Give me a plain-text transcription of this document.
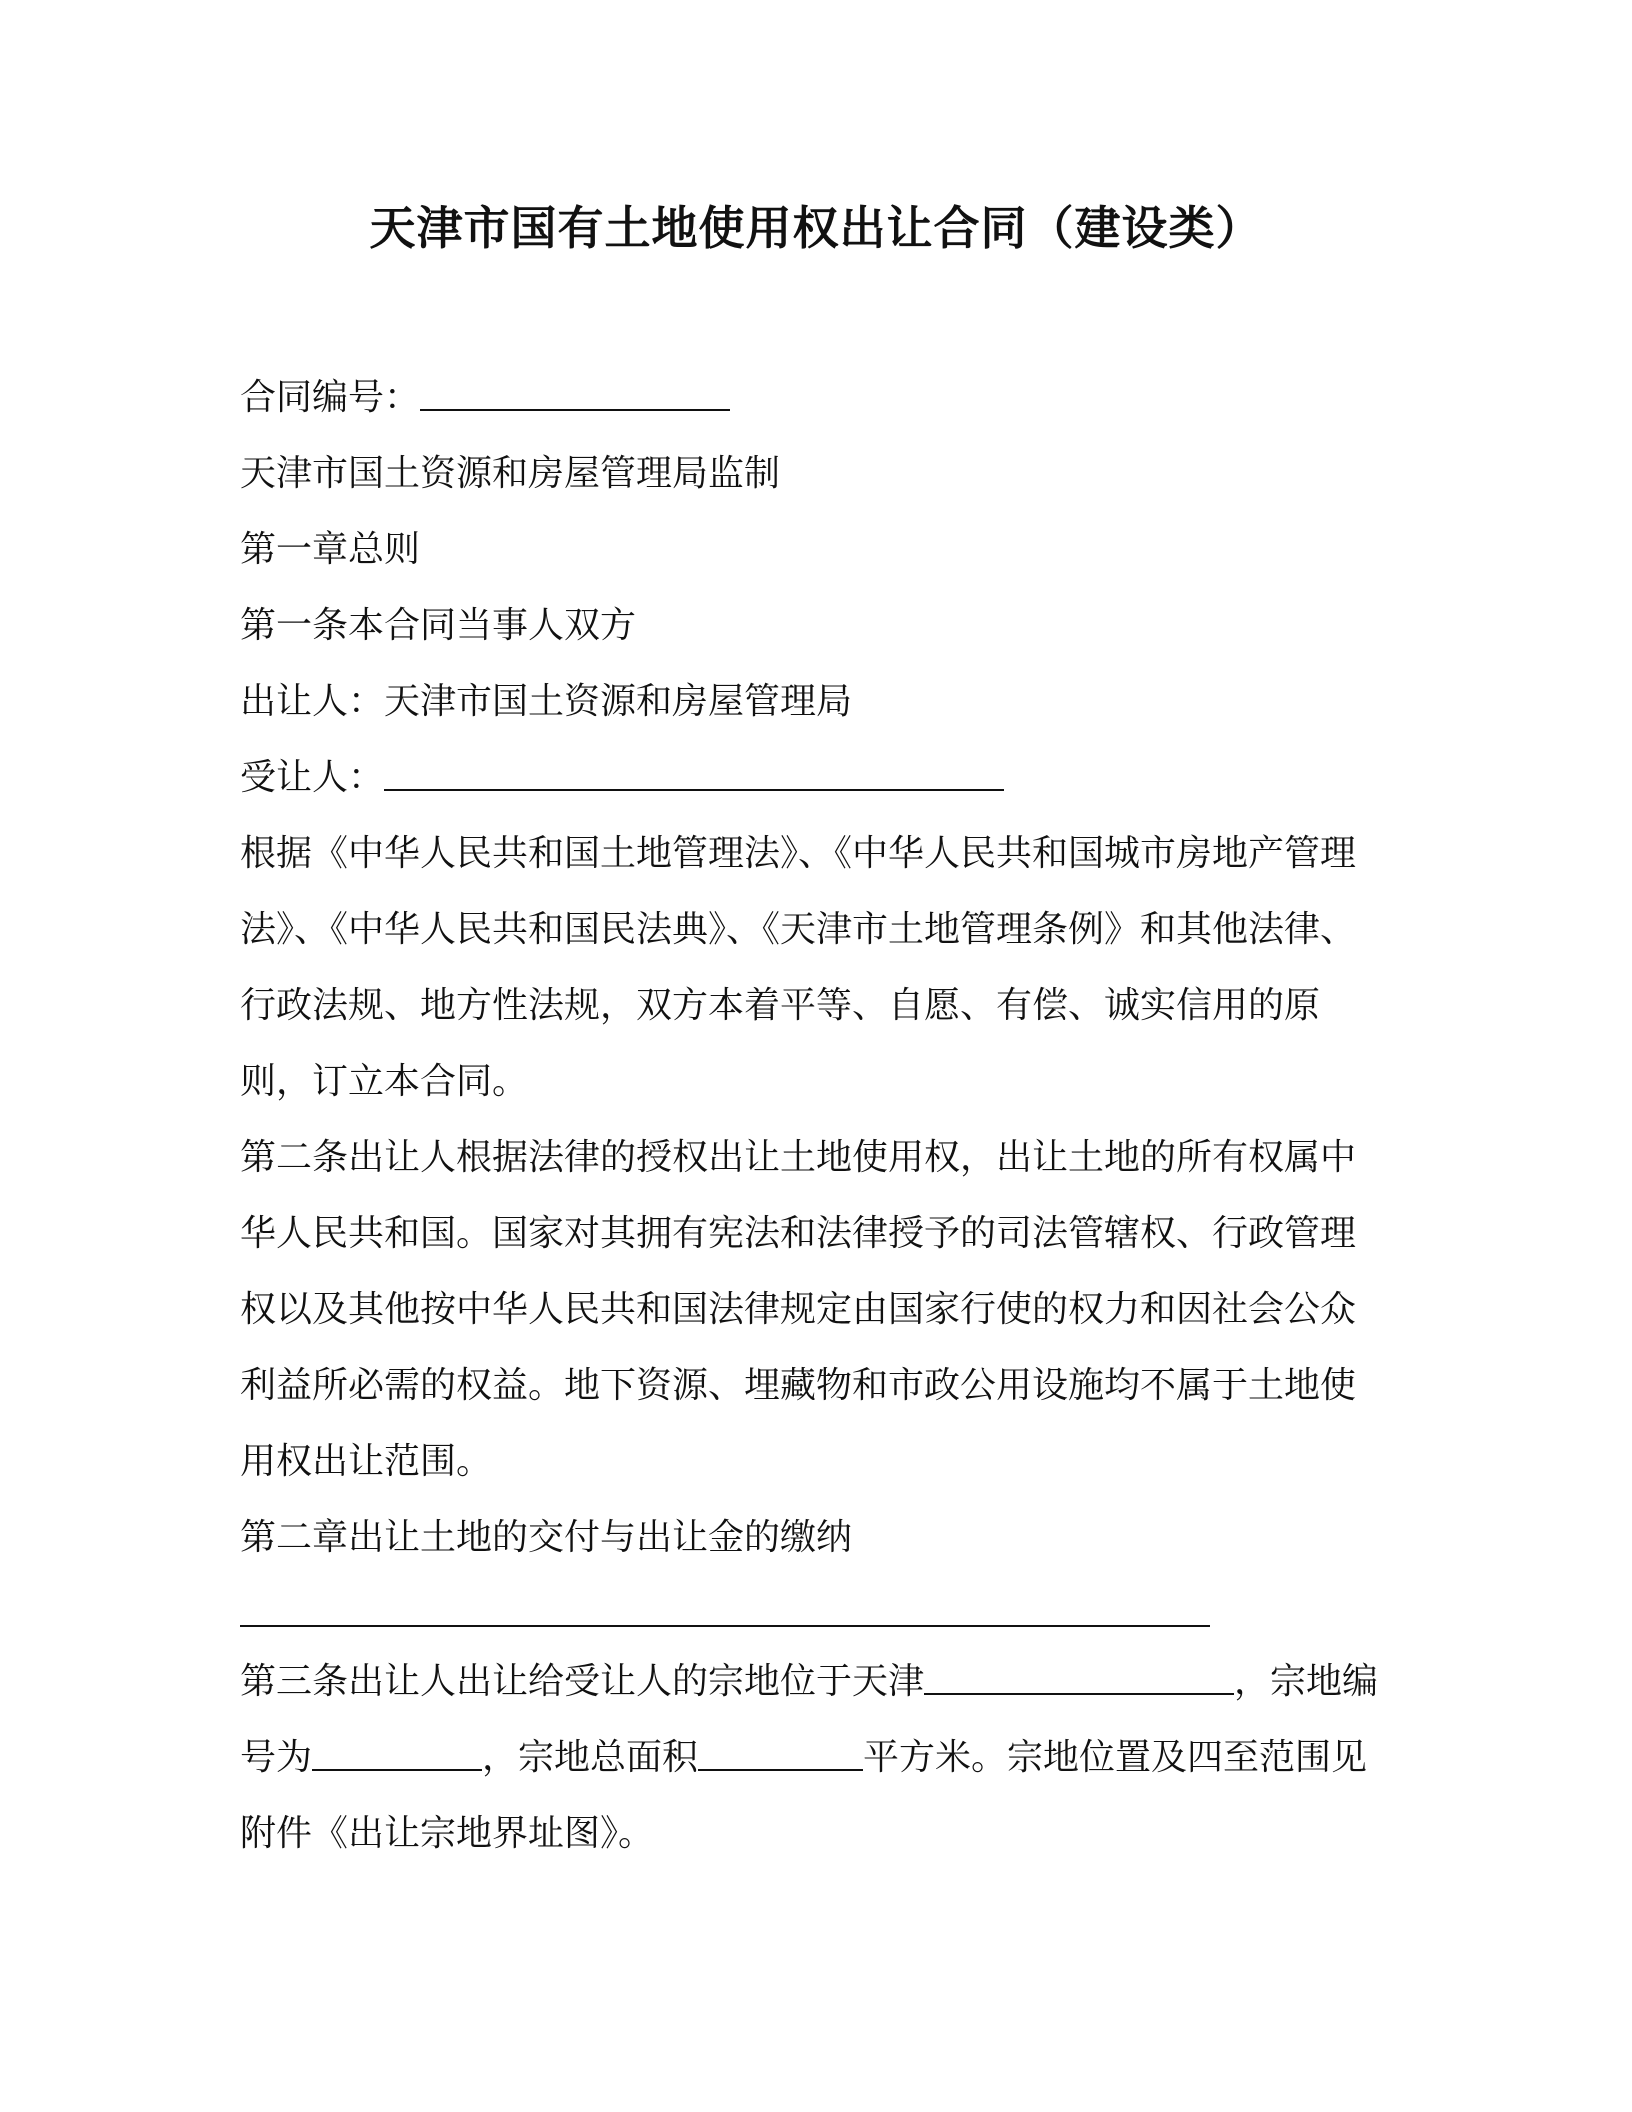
天津市国有土地使用权出让合同（建设类）
合同编号：
天津市国土资源和房屋管理局监制
第一章总则
第一条本合同当事人双方
出让人：天津市国土资源和房屋管理局
受让人：
根据《中华人民共和国土地管理法》、《中华人民共和国城市房地产管理法》、《中华人民共和国民法典》、《天津市土地管理条例》和其他法律、行政法规、地方性法规，双方本着平等、自愿、有偿、诚实信用的原则，订立本合同。
第二条出让人根据法律的授权出让土地使用权，出让土地的所有权属中华人民共和国。国家对其拥有宪法和法律授予的司法管辖权、行政管理权以及其他按中华人民共和国法律规定由国家行使的权力和因社会公众利益所必需的权益。地下资源、埋藏物和市政公用设施均不属于土地使用权出让范围。
第二章出让土地的交付与出让金的缴纳
第三条出让人出让给受让人的宗地位于天津	，宗地编号为	，宗地总面积	平方米。宗地位置及四至范围见附件《出让宗地界址图》。
